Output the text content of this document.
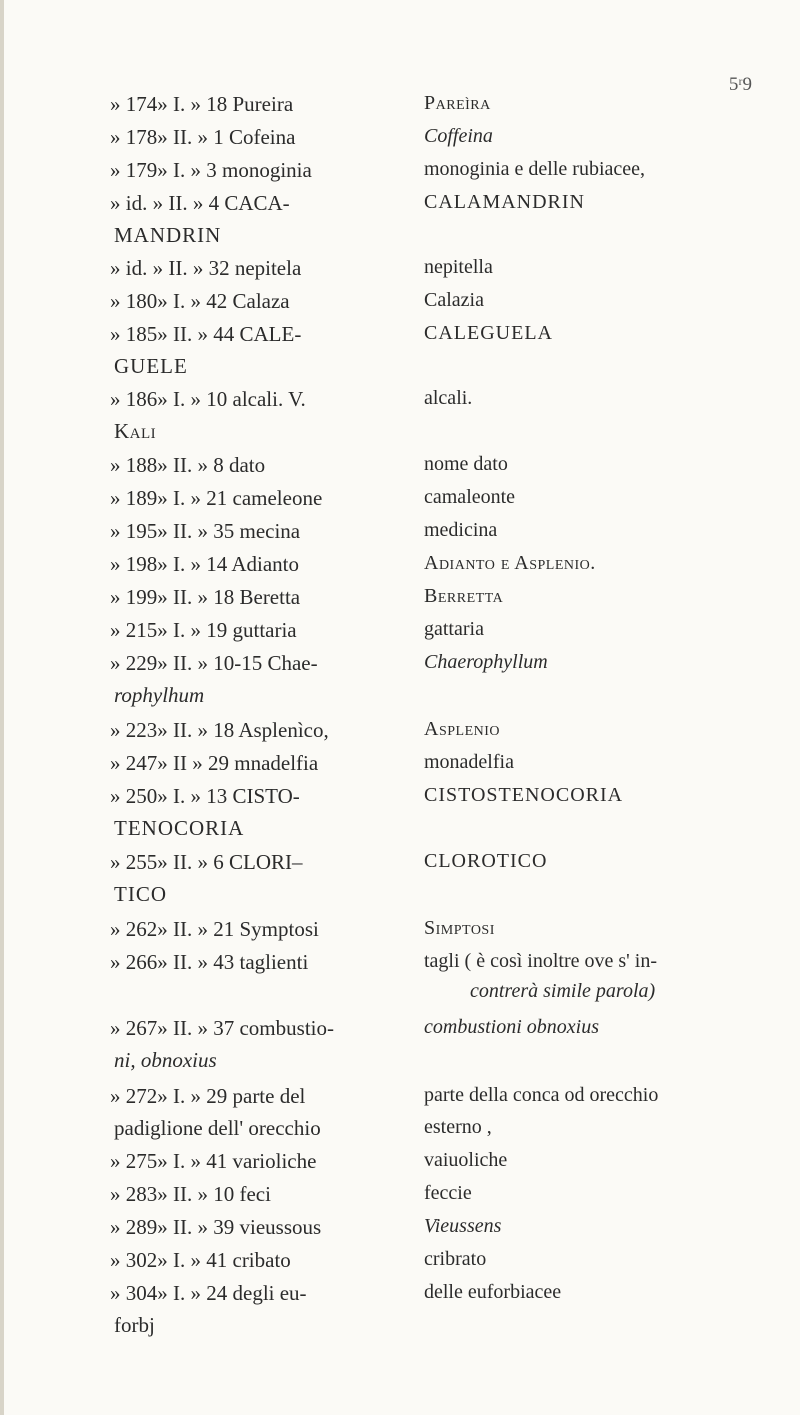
5ʳ9
» 174» I. » 18 Pureira	Pareìra
» 178» II. » 1 Cofeina	Coffeina
» 179» I. » 3 monoginia	monoginia e delle rubiacee,
» id. » II. » 4 CACA-	CALAMANDRIN
MANDRIN
» id. » II. » 32 nepitela	nepitella
» 180» I. » 42 Calaza	Calazia
» 185» II. » 44 CALE-	CALEGUELA
GUELE
» 186» I. » 10 alcali. V.	alcali.
Kali
» 188» II. » 8 dato	nome dato
» 189» I. » 21 cameleone	camaleonte
» 195» II. » 35 mecina	medicina
» 198» I. » 14 Adianto	Adianto e Asplenio.
» 199» II. » 18 Beretta	Berretta
» 215» I. » 19 guttaria	gattaria
» 229» II. » 10-15 Chae-	Chaerophyllum
rophylhum
» 223» II. » 18 Asplenìco,	Asplenio
» 247» II » 29 mnadelfia	monadelfia
» 250» I. » 13 CISTO-	CISTOSTENOCORIA
TENOCORIA
» 255» II. » 6 CLORI–	CLOROTICO
TICO
» 262» II. » 21 Symptosi	Simptosi
» 266» II. » 43 taglienti	tagli ( è così inoltre ove s' in-
contrerà simile parola)
» 267» II. » 37 combustio-	combustioni obnoxius
ni, obnoxius
» 272» I. » 29 parte del	parte della conca od orecchio
padiglione dell' orecchio	esterno ,
» 275» I. » 41 varioliche	vaiuoliche
» 283» II. » 10 feci	feccie
» 289» II. » 39 vieussous	Vieussens
» 302» I. » 41 cribato	cribrato
» 304» I. » 24 degli eu-	delle euforbiacee
forbj
